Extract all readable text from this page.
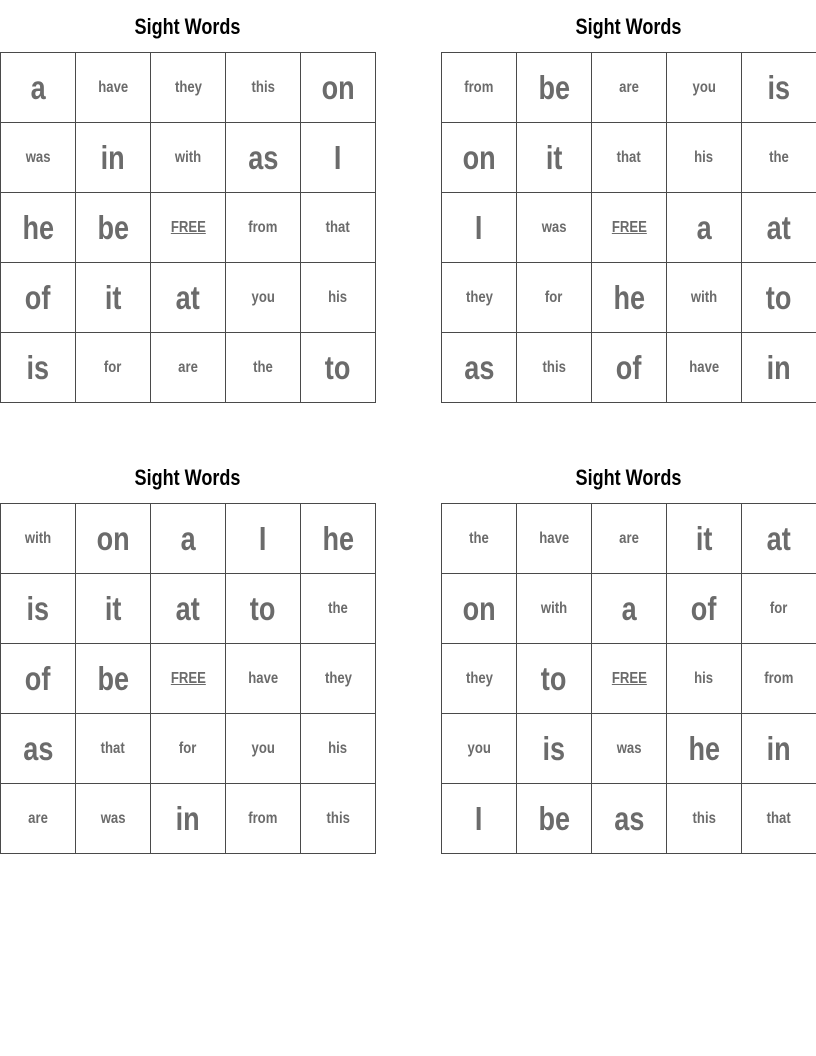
Sight Words
a	have	they	this	on
was	in	with	as	I
he	be	FREE	from	that
of	it	at	you	his
is	for	are	the	to
Sight Words
from	be	are	you	is
on	it	that	his	the
I	was	FREE	a	at
they	for	he	with	to
as	this	of	have	in
Sight Words
with	on	a	I	he
is	it	at	to	the
of	be	FREE	have	they
as	that	for	you	his
are	was	in	from	this
Sight Words
the	have	are	it	at
on	with	a	of	for
they	to	FREE	his	from
you	is	was	he	in
I	be	as	this	that
